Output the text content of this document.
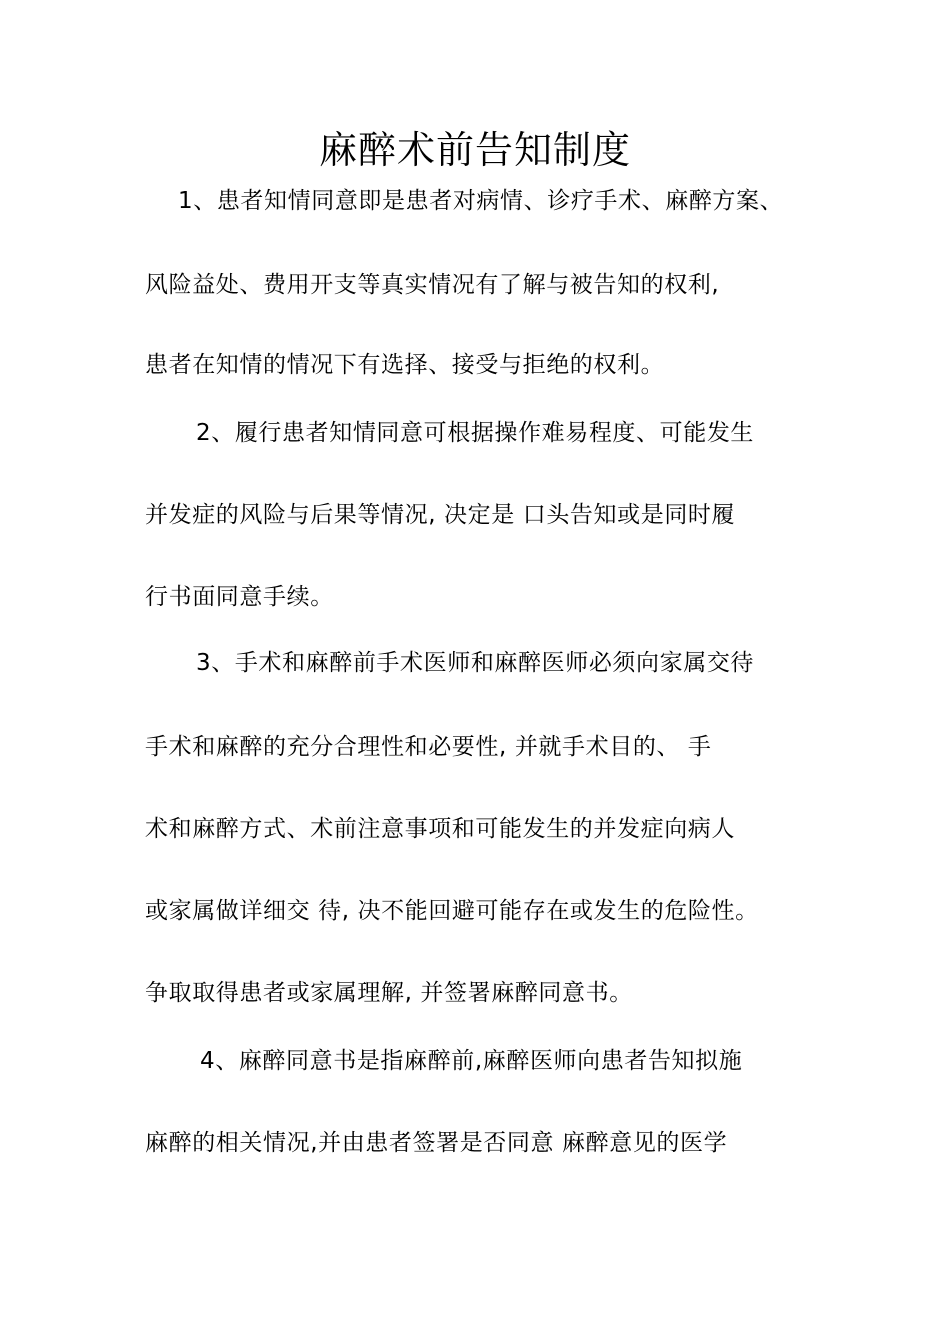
麻醉术前告知制度
1、患者知情同意即是患者对病情、诊疗手术、麻醉方案、
风险益处、费用开支等真实情况有了解与被告知的权利,
患者在知情的情况下有选择、接受与拒绝的权利。
2、履行患者知情同意可根据操作难易程度、可能发生
并发症的风险与后果等情况, 决定是 口头告知或是同时履
行书面同意手续。
3、手术和麻醉前手术医师和麻醉医师必须向家属交待
手术和麻醉的充分合理性和必要性, 并就手术目的、 手
术和麻醉方式、术前注意事项和可能发生的并发症向病人
或家属做详细交 待, 决不能回避可能存在或发生的危险性。
争取取得患者或家属理解, 并签署麻醉同意书。
4、麻醉同意书是指麻醉前,麻醉医师向患者告知拟施
麻醉的相关情况,并由患者签署是否同意 麻醉意见的医学
